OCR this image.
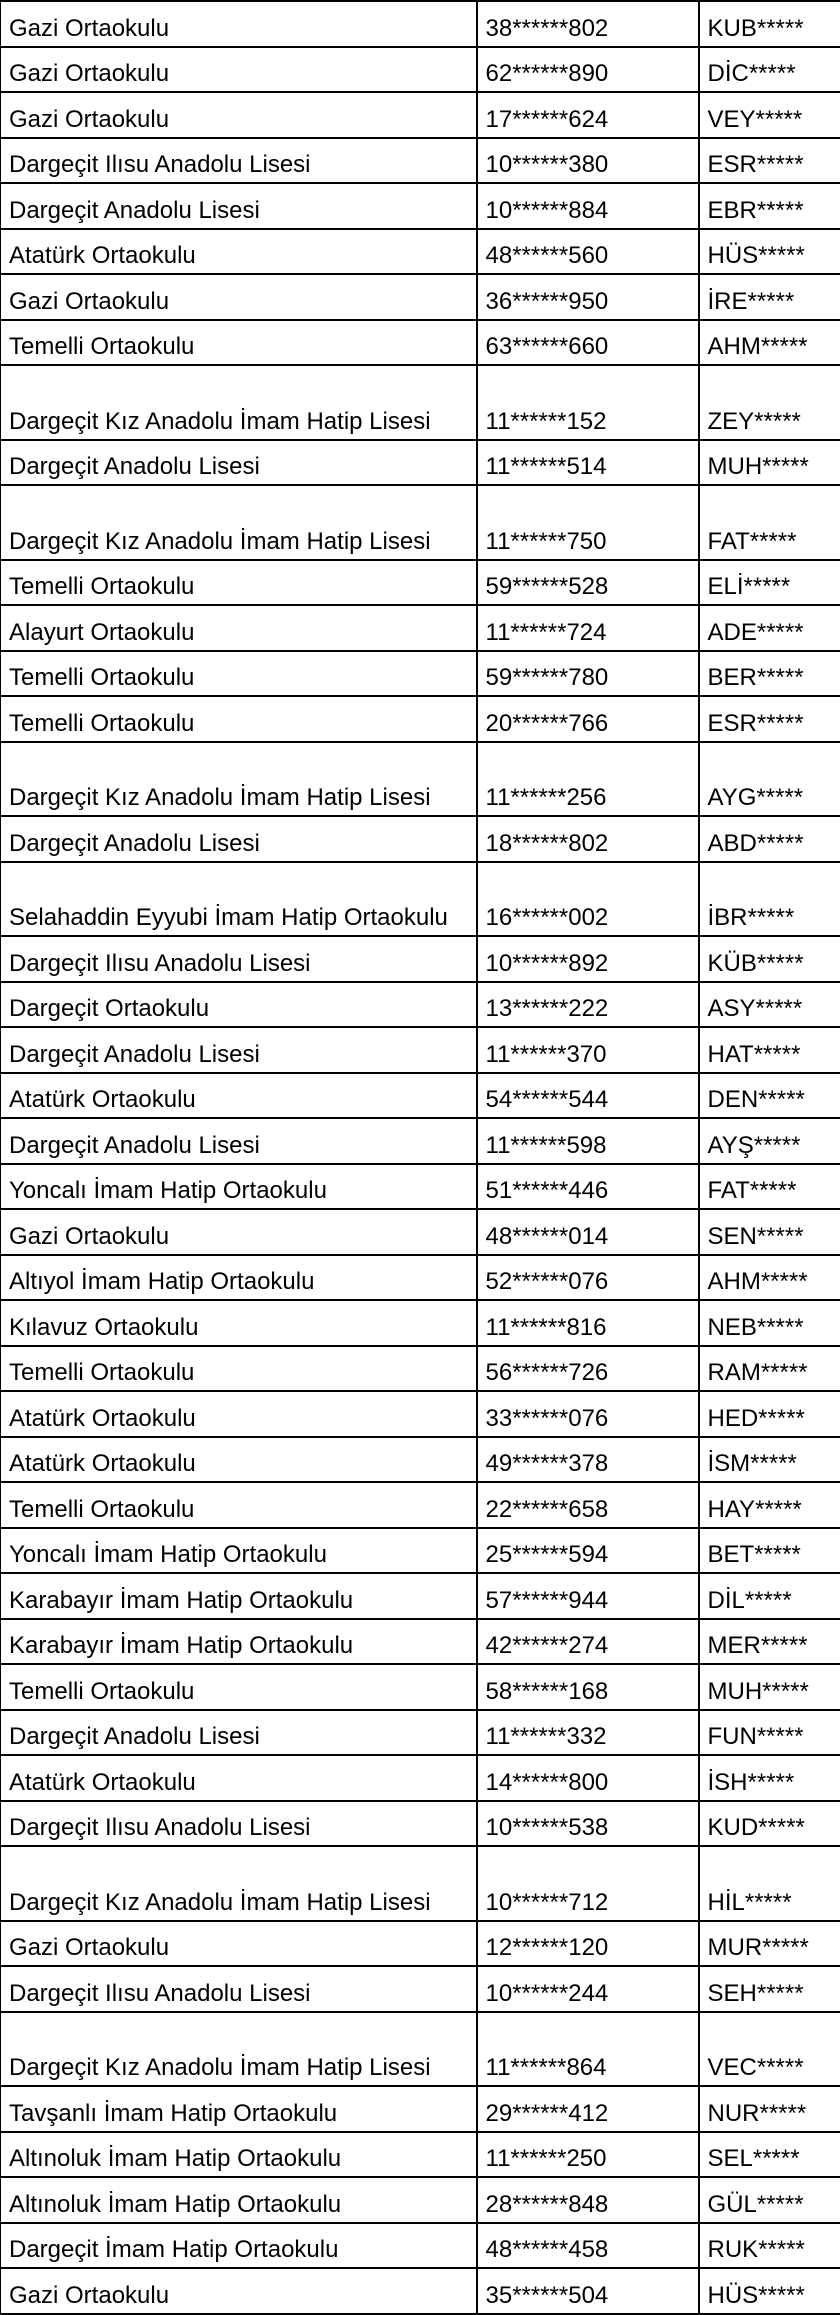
Gazi Ortaokulu	38******802	KUB*****
Gazi Ortaokulu	62******890	DİC*****
Gazi Ortaokulu	17******624	VEY*****
Dargeçit Ilısu Anadolu Lisesi	10******380	ESR*****
Dargeçit Anadolu Lisesi	10******884	EBR*****
Atatürk Ortaokulu	48******560	HÜS*****
Gazi Ortaokulu	36******950	İRE*****
Temelli Ortaokulu	63******660	AHM*****
Dargeçit Kız Anadolu İmam Hatip Lisesi	11******152	ZEY*****
Dargeçit Anadolu Lisesi	11******514	MUH*****
Dargeçit Kız Anadolu İmam Hatip Lisesi	11******750	FAT*****
Temelli Ortaokulu	59******528	ELİ*****
Alayurt Ortaokulu	11******724	ADE*****
Temelli Ortaokulu	59******780	BER*****
Temelli Ortaokulu	20******766	ESR*****
Dargeçit Kız Anadolu İmam Hatip Lisesi	11******256	AYG*****
Dargeçit Anadolu Lisesi	18******802	ABD*****
Selahaddin Eyyubi İmam Hatip Ortaokulu	16******002	İBR*****
Dargeçit Ilısu Anadolu Lisesi	10******892	KÜB*****
Dargeçit Ortaokulu	13******222	ASY*****
Dargeçit Anadolu Lisesi	11******370	HAT*****
Atatürk Ortaokulu	54******544	DEN*****
Dargeçit Anadolu Lisesi	11******598	AYŞ*****
Yoncalı İmam Hatip Ortaokulu	51******446	FAT*****
Gazi Ortaokulu	48******014	SEN*****
Altıyol İmam Hatip Ortaokulu	52******076	AHM*****
Kılavuz Ortaokulu	11******816	NEB*****
Temelli Ortaokulu	56******726	RAM*****
Atatürk Ortaokulu	33******076	HED*****
Atatürk Ortaokulu	49******378	İSM*****
Temelli Ortaokulu	22******658	HAY*****
Yoncalı İmam Hatip Ortaokulu	25******594	BET*****
Karabayır İmam Hatip Ortaokulu	57******944	DİL*****
Karabayır İmam Hatip Ortaokulu	42******274	MER*****
Temelli Ortaokulu	58******168	MUH*****
Dargeçit Anadolu Lisesi	11******332	FUN*****
Atatürk Ortaokulu	14******800	İSH*****
Dargeçit Ilısu Anadolu Lisesi	10******538	KUD*****
Dargeçit Kız Anadolu İmam Hatip Lisesi	10******712	HİL*****
Gazi Ortaokulu	12******120	MUR*****
Dargeçit Ilısu Anadolu Lisesi	10******244	SEH*****
Dargeçit Kız Anadolu İmam Hatip Lisesi	11******864	VEC*****
Tavşanlı İmam Hatip Ortaokulu	29******412	NUR*****
Altınoluk İmam Hatip Ortaokulu	11******250	SEL*****
Altınoluk İmam Hatip Ortaokulu	28******848	GÜL*****
Dargeçit İmam Hatip Ortaokulu	48******458	RUK*****
Gazi Ortaokulu	35******504	HÜS*****
